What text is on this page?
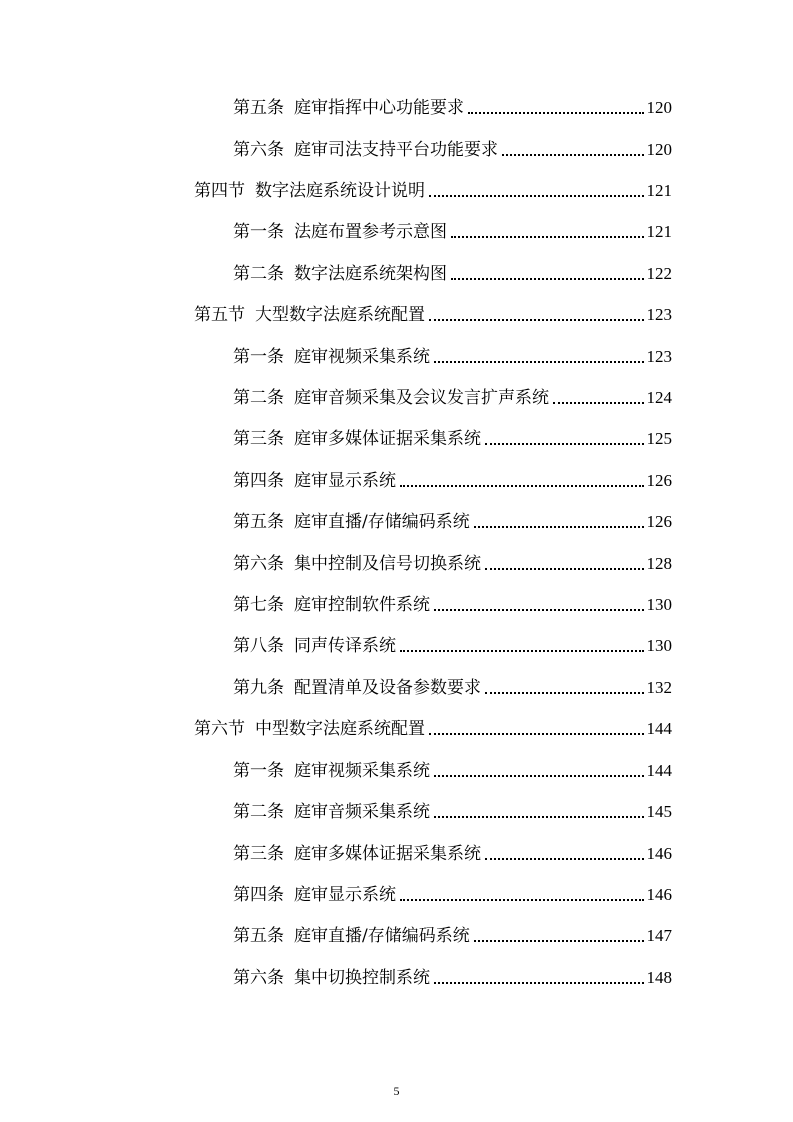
第五条 庭审指挥中心功能要求	120
第六条 庭审司法支持平台功能要求	120
第四节 数字法庭系统设计说明	121
第一条 法庭布置参考示意图	121
第二条 数字法庭系统架构图	122
第五节 大型数字法庭系统配置	123
第一条 庭审视频采集系统	123
第二条 庭审音频采集及会议发言扩声系统	124
第三条 庭审多媒体证据采集系统	125
第四条 庭审显示系统	126
第五条 庭审直播/存储编码系统	126
第六条 集中控制及信号切换系统	128
第七条 庭审控制软件系统	130
第八条 同声传译系统	130
第九条 配置清单及设备参数要求	132
第六节 中型数字法庭系统配置	144
第一条 庭审视频采集系统	144
第二条 庭审音频采集系统	145
第三条 庭审多媒体证据采集系统	146
第四条 庭审显示系统	146
第五条 庭审直播/存储编码系统	147
第六条 集中切换控制系统	148
5
